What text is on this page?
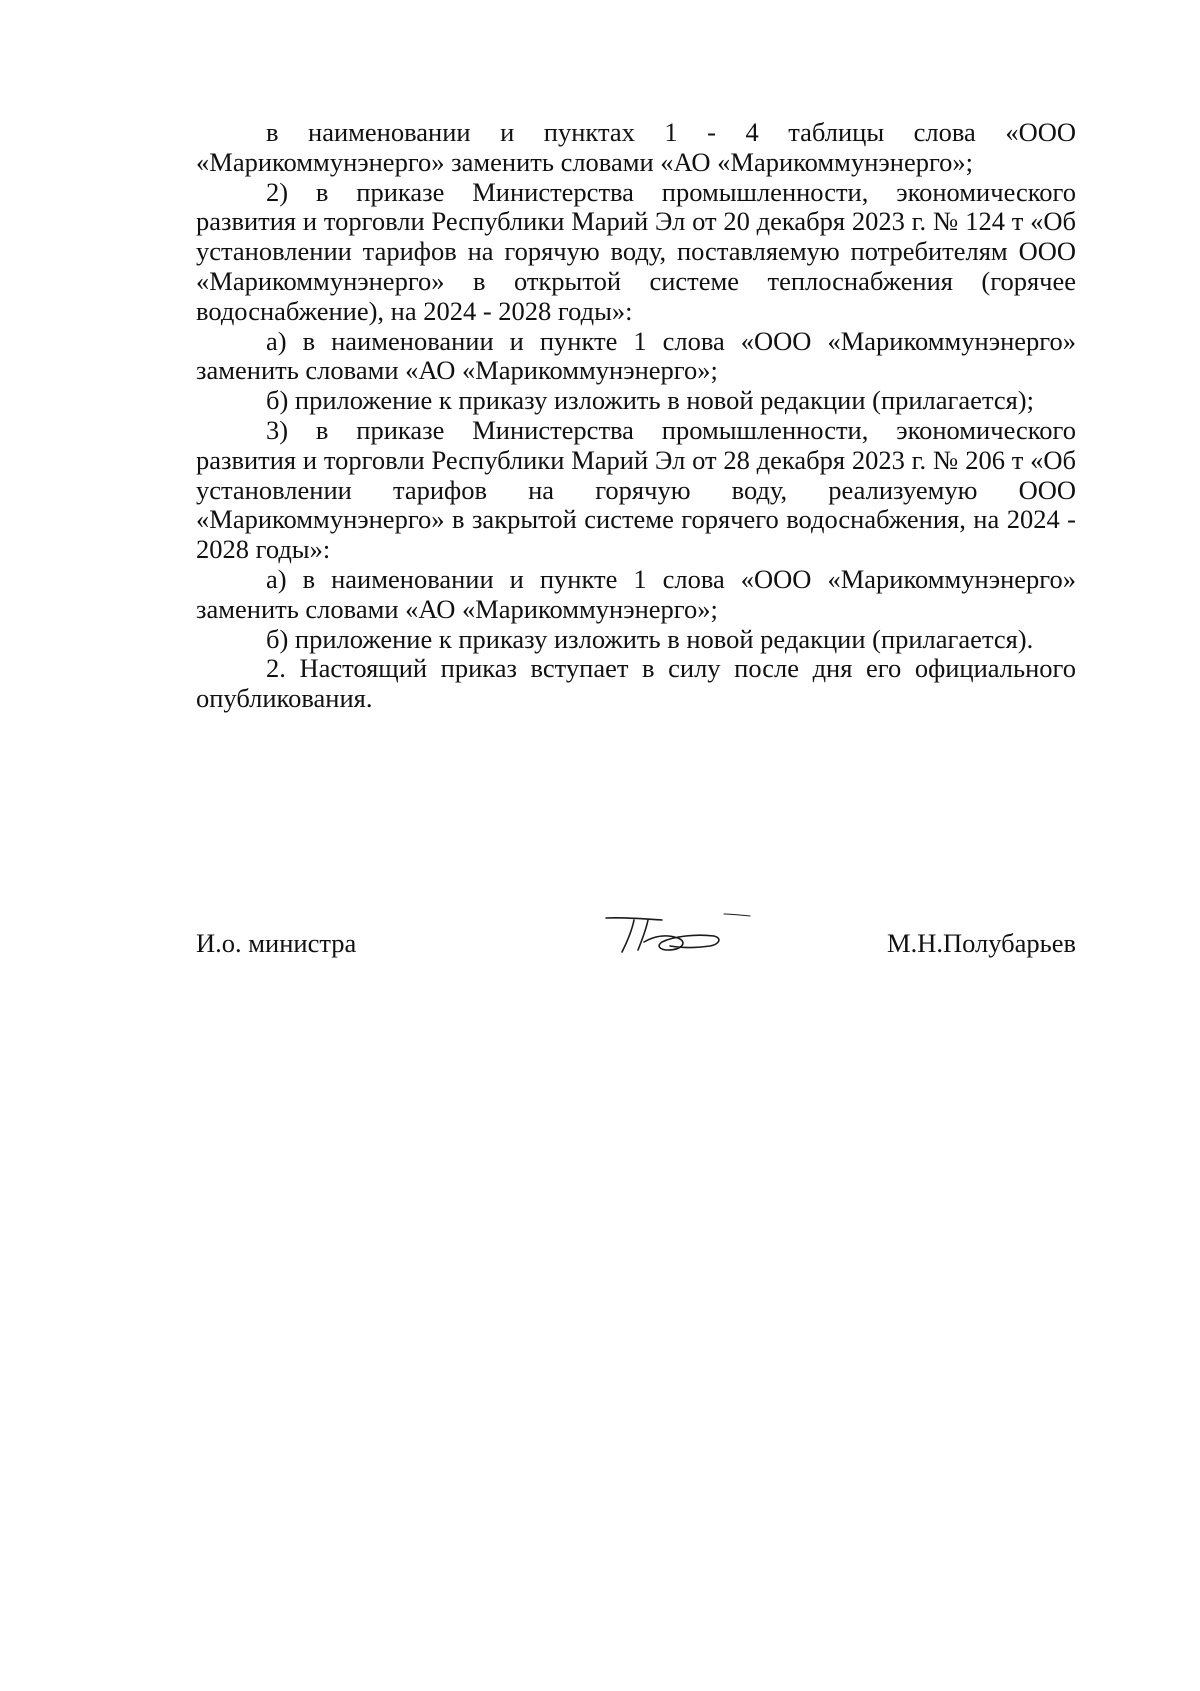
в наименовании и пунктах 1 - 4 таблицы слова «ООО «Марикоммунэнерго» заменить словами «АО «Марикоммунэнерго»;

2) в приказе Министерства промышленности, экономического развития и торговли Республики Марий Эл от 20 декабря 2023 г. № 124 т «Об установлении тарифов на горячую воду, поставляемую потребителям ООО «Марикоммунэнерго» в открытой системе теплоснабжения (горячее водоснабжение), на 2024 - 2028 годы»:

а) в наименовании и пункте 1 слова «ООО «Марикоммунэнерго» заменить словами «АО «Марикоммунэнерго»;

б) приложение к приказу изложить в новой редакции (прилагается);

3) в приказе Министерства промышленности, экономического развития и торговли Республики Марий Эл от 28 декабря 2023 г. № 206 т «Об установлении тарифов на горячую воду, реализуемую ООО «Марикоммунэнерго» в закрытой системе горячего водоснабжения, на 2024 - 2028 годы»:

а) в наименовании и пункте 1 слова «ООО «Марикоммунэнерго» заменить словами «АО «Марикоммунэнерго»;

б) приложение к приказу изложить в новой редакции (прилагается).

2. Настоящий приказ вступает в силу после дня его официального опубликования.

И.о. министра	М.Н.Полубарьев
